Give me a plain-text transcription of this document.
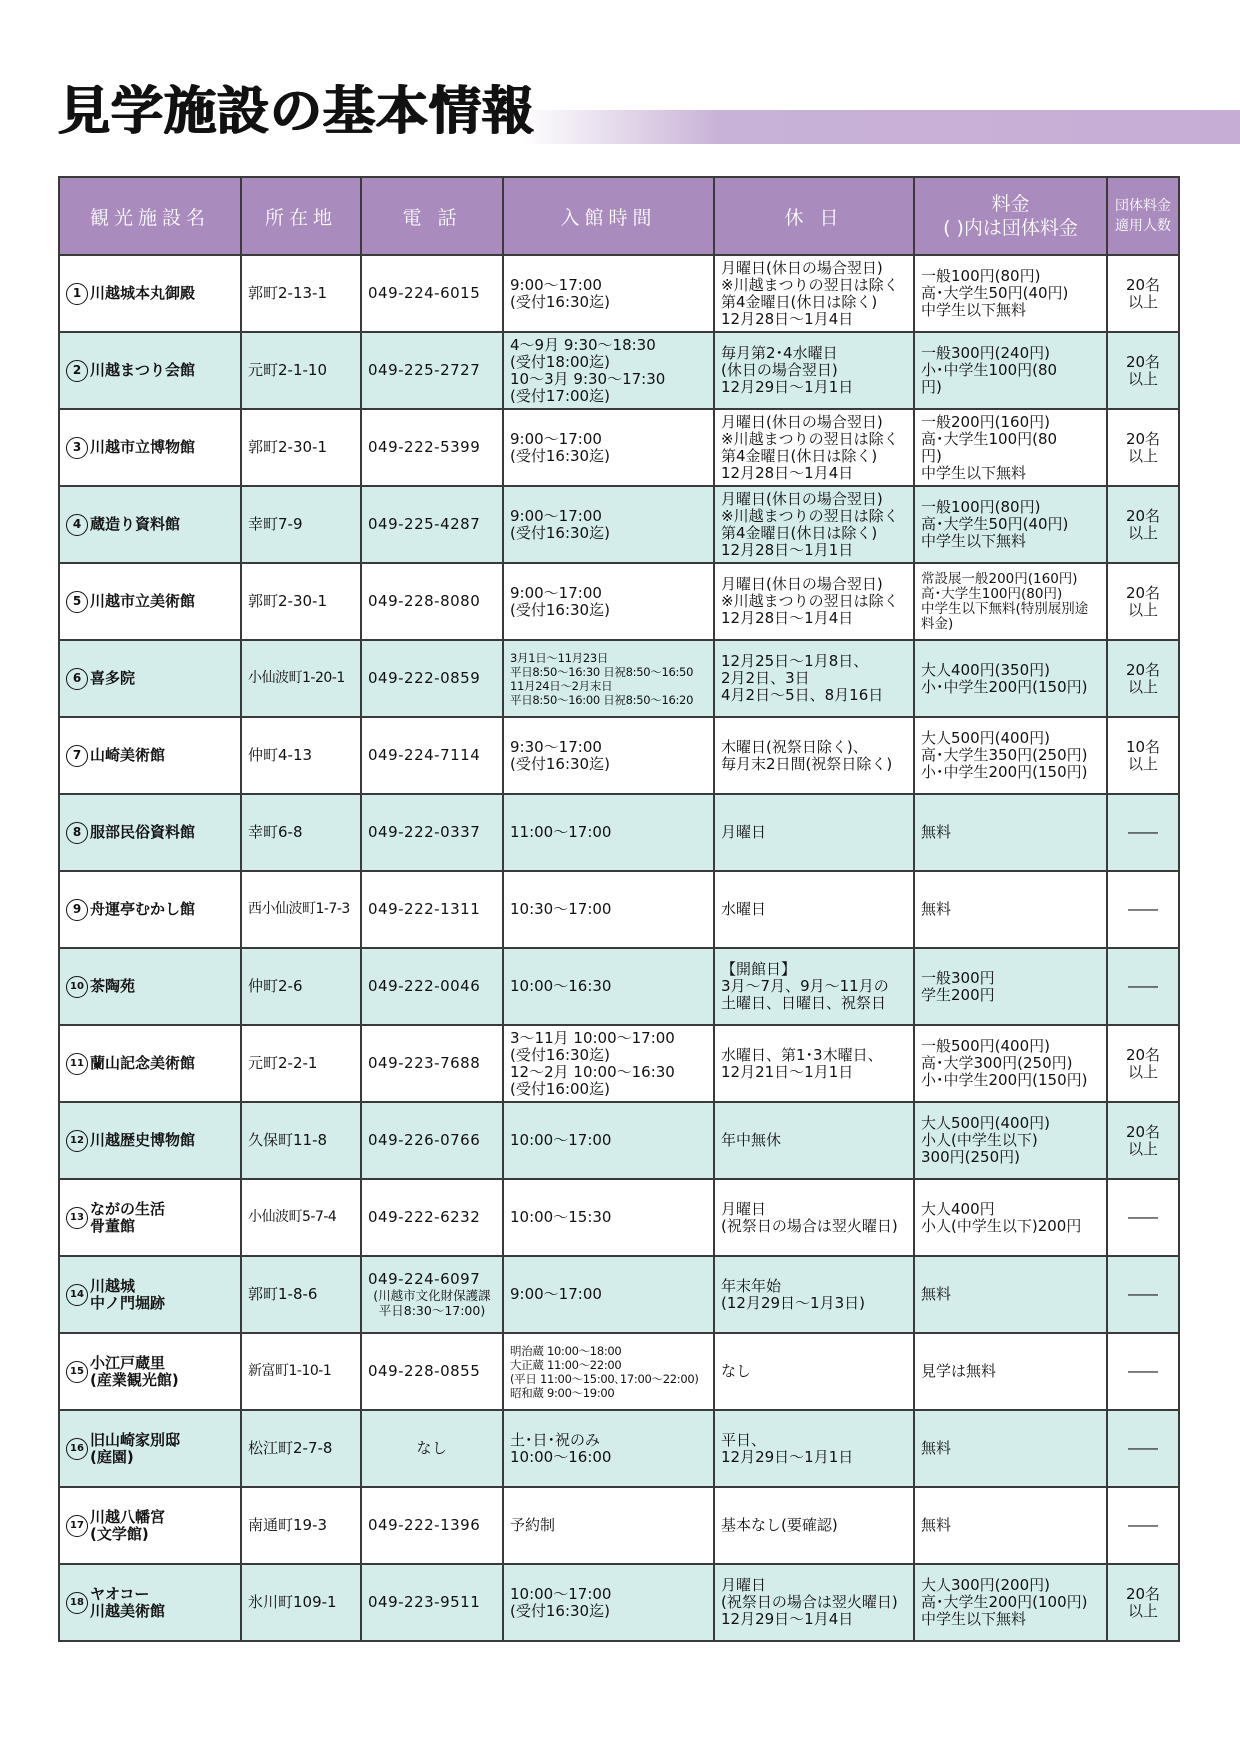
見学施設の基本情報
観光施設名	所在地	電 話	入館時間	休 日	料金
( )内は団体料金	団体料金
適用人数

1 川越城本丸御殿	郭町2-13-1	049-224-6015	9:00～17:00
(受付16:30迄)	月曜日(休日の場合翌日)
※川越まつりの翌日は除く
第4金曜日(休日は除く)
12月28日～1月4日	一般100円(80円)
高･大学生50円(40円)
中学生以下無料	20名
以上

2 川越まつり会館	元町2-1-10	049-225-2727	4～9月 9:30～18:30
(受付18:00迄)
10～3月 9:30～17:30
(受付17:00迄)	毎月第2･4水曜日
(休日の場合翌日)
12月29日～1月1日	一般300円(240円)
小･中学生100円(80
円)	20名
以上

3 川越市立博物館	郭町2-30-1	049-222-5399	9:00～17:00
(受付16:30迄)	月曜日(休日の場合翌日)
※川越まつりの翌日は除く
第4金曜日(休日は除く)
12月28日～1月4日	一般200円(160円)
高･大学生100円(80
円)
中学生以下無料	20名
以上

4 蔵造り資料館	幸町7-9	049-225-4287	9:00～17:00
(受付16:30迄)	月曜日(休日の場合翌日)
※川越まつりの翌日は除く
第4金曜日(休日は除く)
12月28日～1月1日	一般100円(80円)
高･大学生50円(40円)
中学生以下無料	20名
以上

5 川越市立美術館	郭町2-30-1	049-228-8080	9:00～17:00
(受付16:30迄)	月曜日(休日の場合翌日)
※川越まつりの翌日は除く
12月28日～1月4日	常設展一般200円(160円)
高･大学生100円(80円)
中学生以下無料(特別展別途
料金)	20名
以上

6 喜多院	小仙波町1-20-1	049-222-0859	3月1日～11月23日
平日8:50～16:30 日祝8:50～16:50
11月24日～2月末日
平日8:50～16:00 日祝8:50～16:20	12月25日～1月8日、
2月2日、3日
4月2日～5日、8月16日	大人400円(350円)
小･中学生200円(150円)	20名
以上

7 山崎美術館	仲町4-13	049-224-7114	9:30～17:00
(受付16:30迄)	木曜日(祝祭日除く)、
毎月末2日間(祝祭日除く)	大人500円(400円)
高･大学生350円(250円)
小･中学生200円(150円)	10名
以上

8 服部民俗資料館	幸町6-8	049-222-0337	11:00～17:00	月曜日	無料	――

9 舟運亭むかし館	西小仙波町1-7-3	049-222-1311	10:30～17:00	水曜日	無料	――

10 茶陶苑	仲町2-6	049-222-0046	10:00～16:30	【開館日】
3月～7月、9月～11月の
土曜日、日曜日、祝祭日	一般300円
学生200円	――

11 蘭山記念美術館	元町2-2-1	049-223-7688	3～11月 10:00～17:00
(受付16:30迄)
12～2月 10:00～16:30
(受付16:00迄)	水曜日、第1･3木曜日、
12月21日～1月1日	一般500円(400円)
高･大学300円(250円)
小･中学生200円(150円)	20名
以上

12 川越歴史博物館	久保町11-8	049-226-0766	10:00～17:00	年中無休	大人500円(400円)
小人(中学生以下)
300円(250円)	20名
以上

13 ながの生活
骨董館	小仙波町5-7-4	049-222-6232	10:00～15:30	月曜日
(祝祭日の場合は翌火曜日)	大人400円
小人(中学生以下)200円	――

14 川越城
中ノ門堀跡	郭町1-8-6	049-224-6097
(川越市文化財保護課
平日8:30～17:00)	9:00～17:00	年末年始
(12月29日～1月3日)	無料	――

15 小江戸蔵里
(産業観光館)	新富町1-10-1	049-228-0855	明治蔵 10:00～18:00
大正蔵 11:00～22:00
(平日 11:00～15:00､17:00～22:00)
昭和蔵 9:00～19:00	なし	見学は無料	――

16 旧山崎家別邸
(庭園)	松江町2-7-8	なし	土･日･祝のみ
10:00～16:00	平日、
12月29日～1月1日	無料	――

17 川越八幡宮
(文学館)	南通町19-3	049-222-1396	予約制	基本なし(要確認)	無料	――

18 ヤオコー
川越美術館	氷川町109-1	049-223-9511	10:00～17:00
(受付16:30迄)	月曜日
(祝祭日の場合は翌火曜日)
12月29日～1月4日	大人300円(200円)
高･大学生200円(100円)
中学生以下無料	20名
以上
